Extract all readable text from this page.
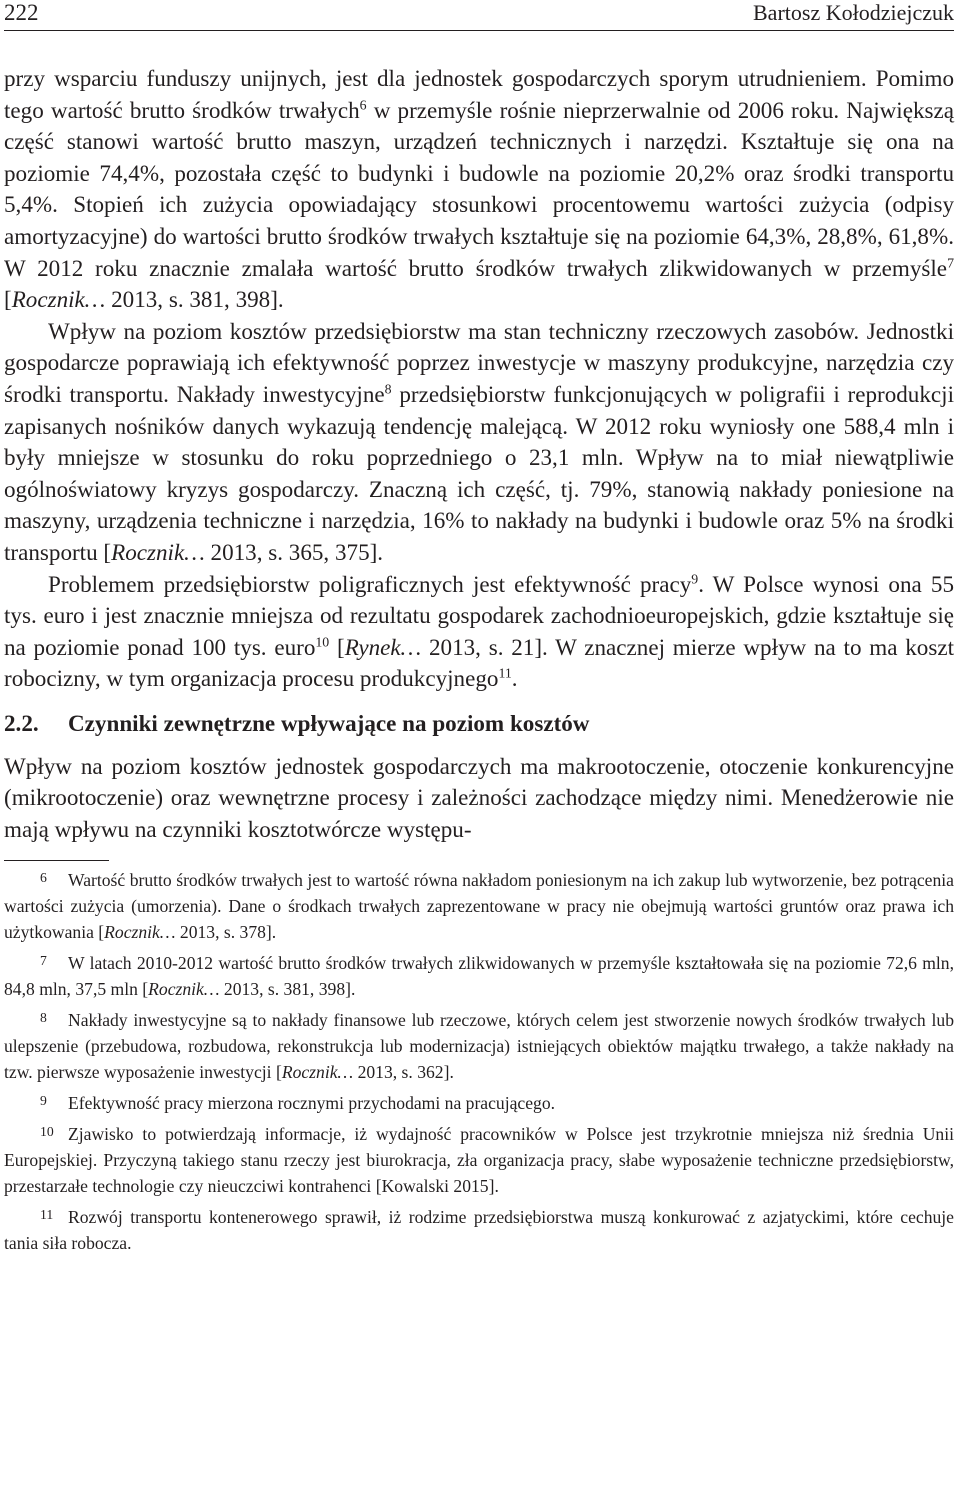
222	Bartosz Kołodziejczuk

przy wsparciu funduszy unijnych, jest dla jednostek gospodarczych sporym utrudnieniem. Pomimo tego wartość brutto środków trwałych$^6$ w przemyśle rośnie nieprzerwalnie od 2006 roku. Największą część stanowi wartość brutto maszyn, urządzeń technicznych i narzędzi. Kształtuje się ona na poziomie 74,4%, pozostała część to budynki i budowle na poziomie 20,2% oraz środki transportu 5,4%. Stopień ich zużycia opowiadający stosunkowi procentowemu wartości zużycia (odpisy amortyzacyjne) do wartości brutto środków trwałych kształtuje się na poziomie 64,3%, 28,8%, 61,8%. W 2012 roku znacznie zmalała wartość brutto środków trwałych zlikwidowanych w przemyśle$^7$ [Rocznik… 2013, s. 381, 398].

Wpływ na poziom kosztów przedsiębiorstw ma stan techniczny rzeczowych zasobów. Jednostki gospodarcze poprawiają ich efektywność poprzez inwestycje w maszyny produkcyjne, narzędzia czy środki transportu. Nakłady inwestycyjne$^8$ przedsiębiorstw funkcjonujących w poligrafii i reprodukcji zapisanych nośników danych wykazują tendencję malejącą. W 2012 roku wyniosły one 588,4 mln i były mniejsze w stosunku do roku poprzedniego o 23,1 mln. Wpływ na to miał niewątpliwie ogólnoświatowy kryzys gospodarczy. Znaczną ich część, tj. 79%, stanowią nakłady poniesione na maszyny, urządzenia techniczne i narzędzia, 16% to nakłady na budynki i budowle oraz 5% na środki transportu [Rocznik… 2013, s. 365, 375].

Problemem przedsiębiorstw poligraficznych jest efektywność pracy$^9$. W Polsce wynosi ona 55 tys. euro i jest znacznie mniejsza od rezultatu gospodarek zachodnioeuropejskich, gdzie kształtuje się na poziomie ponad 100 tys. euro$^{10}$ [Rynek… 2013, s. 21]. W znacznej mierze wpływ na to ma koszt robocizny, w tym organizacja procesu produkcyjnego$^{11}$.

2.2.	Czynniki zewnętrzne wpływające na poziom kosztów

Wpływ na poziom kosztów jednostek gospodarczych ma makrootoczenie, otoczenie konkurencyjne (mikrootoczenie) oraz wewnętrzne procesy i zależności zachodzące między nimi. Menedżerowie nie mają wpływu na czynniki kosztotwórcze występu-

6 Wartość brutto środków trwałych jest to wartość równa nakładom poniesionym na ich zakup lub wytworzenie, bez potrącenia wartości zużycia (umorzenia). Dane o środkach trwałych zaprezentowane w pracy nie obejmują wartości gruntów oraz prawa ich użytkowania [Rocznik… 2013, s. 378].

7 W latach 2010-2012 wartość brutto środków trwałych zlikwidowanych w przemyśle kształtowała się na poziomie 72,6 mln, 84,8 mln, 37,5 mln [Rocznik… 2013, s. 381, 398].

8 Nakłady inwestycyjne są to nakłady finansowe lub rzeczowe, których celem jest stworzenie nowych środków trwałych lub ulepszenie (przebudowa, rozbudowa, rekonstrukcja lub modernizacja) istniejących obiektów majątku trwałego, a także nakłady na tzw. pierwsze wyposażenie inwestycji [Rocznik… 2013, s. 362].

9 Efektywność pracy mierzona rocznymi przychodami na pracującego.

10 Zjawisko to potwierdzają informacje, iż wydajność pracowników w Polsce jest trzykrotnie mniejsza niż średnia Unii Europejskiej. Przyczyną takiego stanu rzeczy jest biurokracja, zła organizacja pracy, słabe wyposażenie techniczne przedsiębiorstw, przestarzałe technologie czy nieuczciwi kontrahenci [Kowalski 2015].

11 Rozwój transportu kontenerowego sprawił, iż rodzime przedsiębiorstwa muszą konkurować z azjatyckimi, które cechuje tania siła robocza.
